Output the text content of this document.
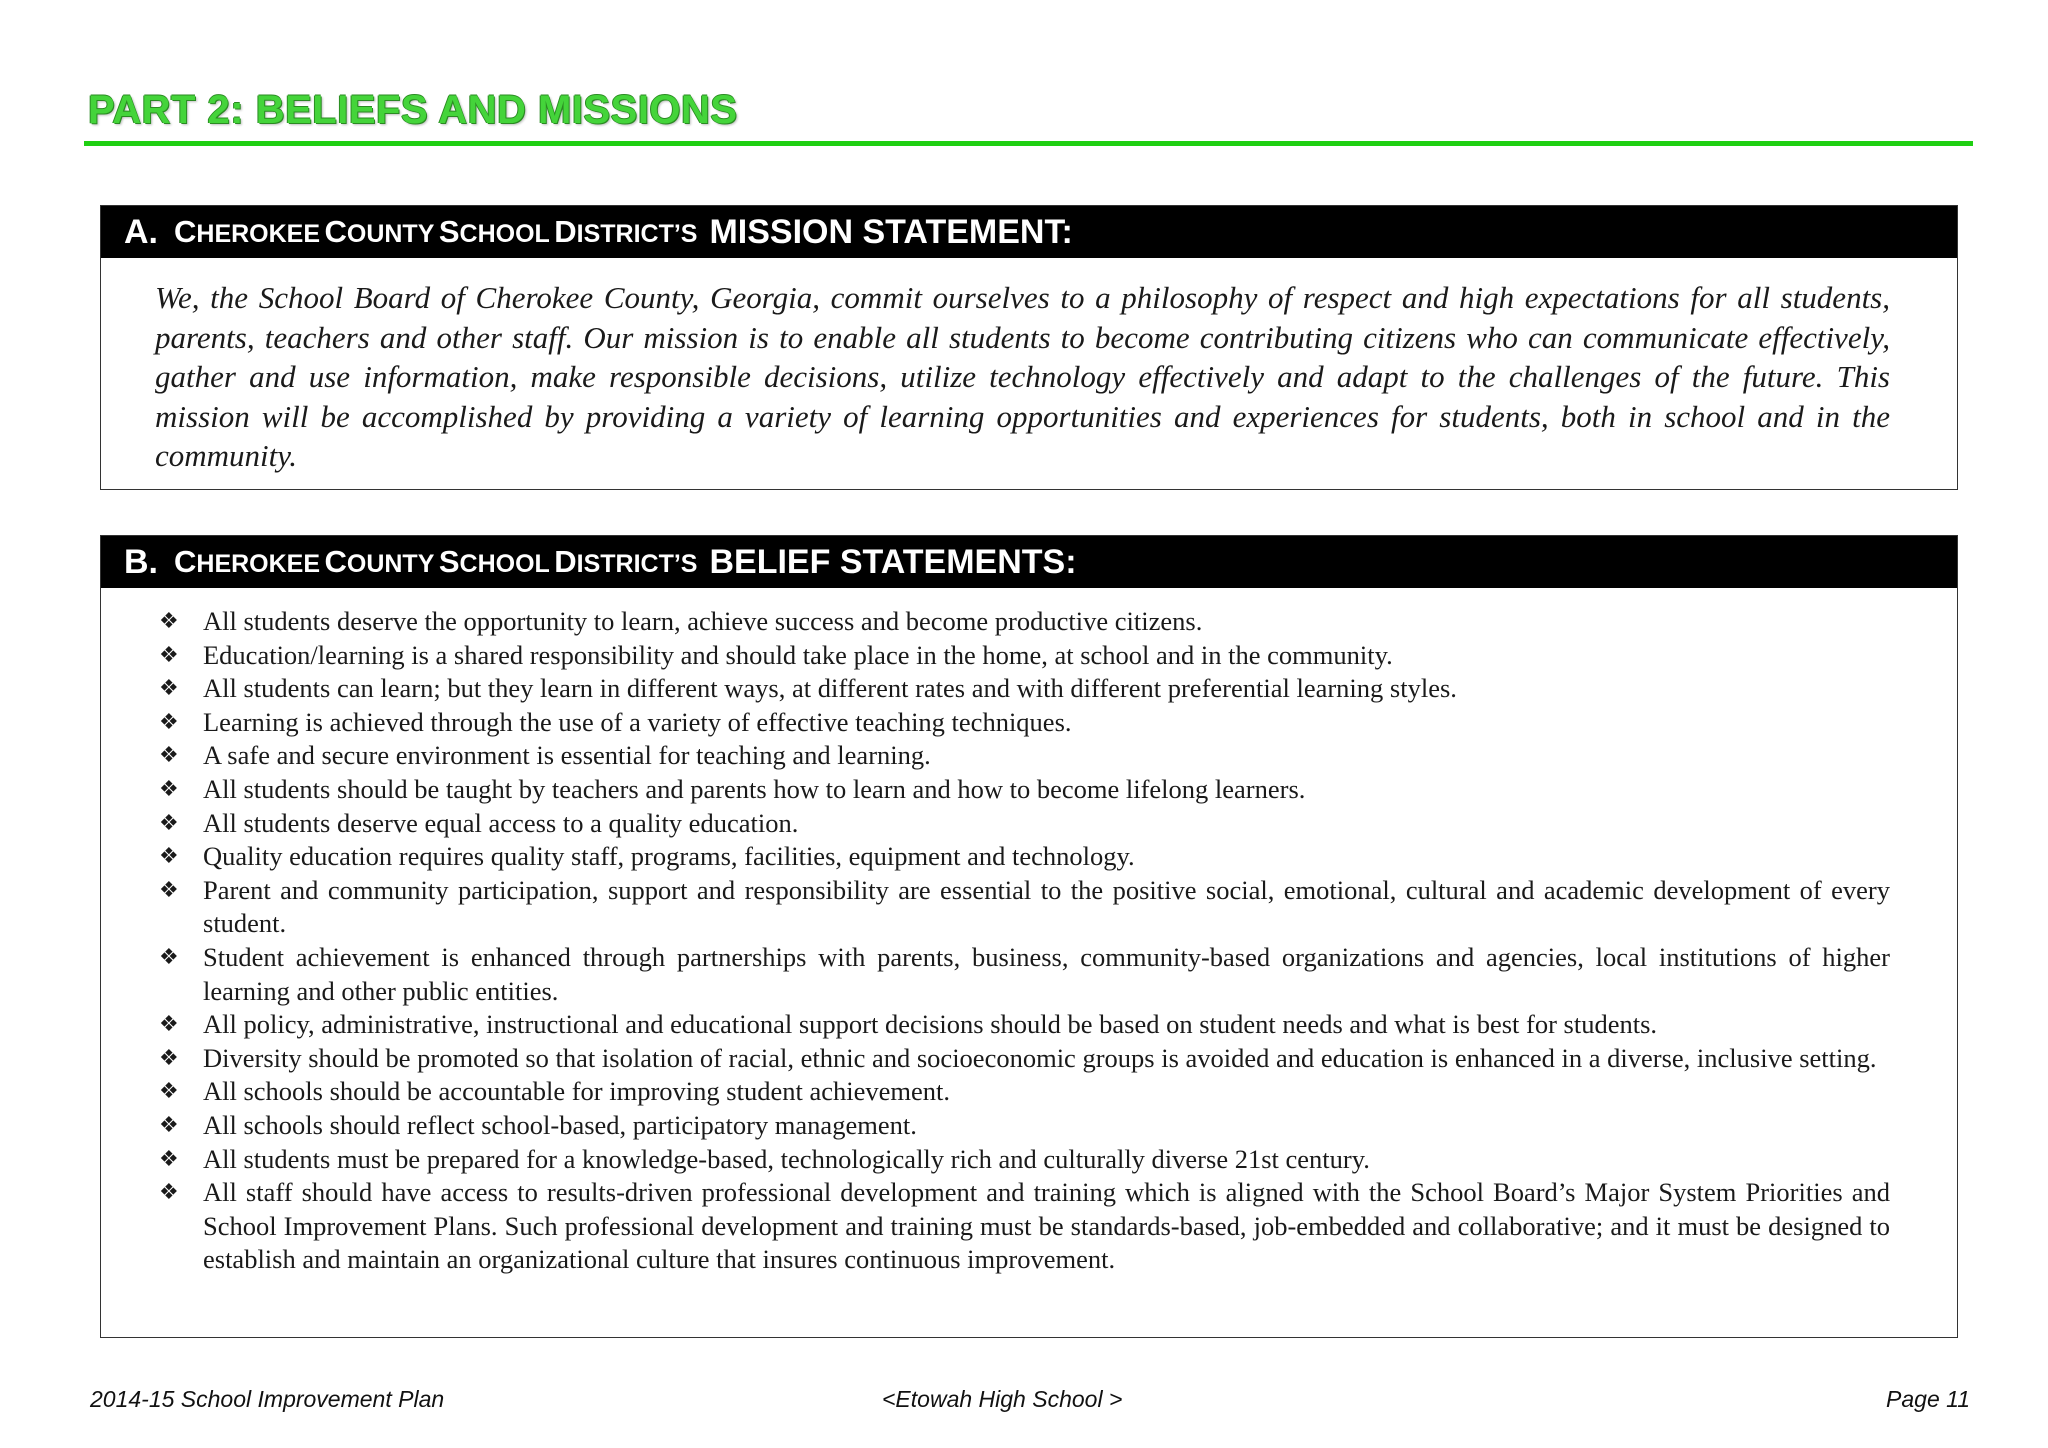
PART 2: BELIEFS AND MISSIONS
A. CHEROKEE COUNTY SCHOOL DISTRICT’S MISSION STATEMENT:

We, the School Board of Cherokee County, Georgia, commit ourselves to a philosophy of respect and high expectations for all students, parents, teachers and other staff. Our mission is to enable all students to become contributing citizens who can communicate effectively, gather and use information, make responsible decisions, utilize technology effectively and adapt to the challenges of the future. This mission will be accomplished by providing a variety of learning opportunities and experiences for students, both in school and in the community.

B. CHEROKEE COUNTY SCHOOL DISTRICT’S BELIEF STATEMENTS:
❖ All students deserve the opportunity to learn, achieve success and become productive citizens.
❖ Education/learning is a shared responsibility and should take place in the home, at school and in the community.
❖ All students can learn; but they learn in different ways, at different rates and with different preferential learning styles.
❖ Learning is achieved through the use of a variety of effective teaching techniques.
❖ A safe and secure environment is essential for teaching and learning.
❖ All students should be taught by teachers and parents how to learn and how to become lifelong learners.
❖ All students deserve equal access to a quality education.
❖ Quality education requires quality staff, programs, facilities, equipment and technology.
❖ Parent and community participation, support and responsibility are essential to the positive social, emotional, cultural and academic development of every student.
❖ Student achievement is enhanced through partnerships with parents, business, community-based organizations and agencies, local institutions of higher learning and other public entities.
❖ All policy, administrative, instructional and educational support decisions should be based on student needs and what is best for students.
❖ Diversity should be promoted so that isolation of racial, ethnic and socioeconomic groups is avoided and education is enhanced in a diverse, inclusive setting.
❖ All schools should be accountable for improving student achievement.
❖ All schools should reflect school-based, participatory management.
❖ All students must be prepared for a knowledge-based, technologically rich and culturally diverse 21st century.
❖ All staff should have access to results-driven professional development and training which is aligned with the School Board’s Major System Priorities and School Improvement Plans. Such professional development and training must be standards-based, job-embedded and collaborative; and it must be designed to establish and maintain an organizational culture that insures continuous improvement.
2014-15 School Improvement Plan	<Etowah High School >	Page 11
